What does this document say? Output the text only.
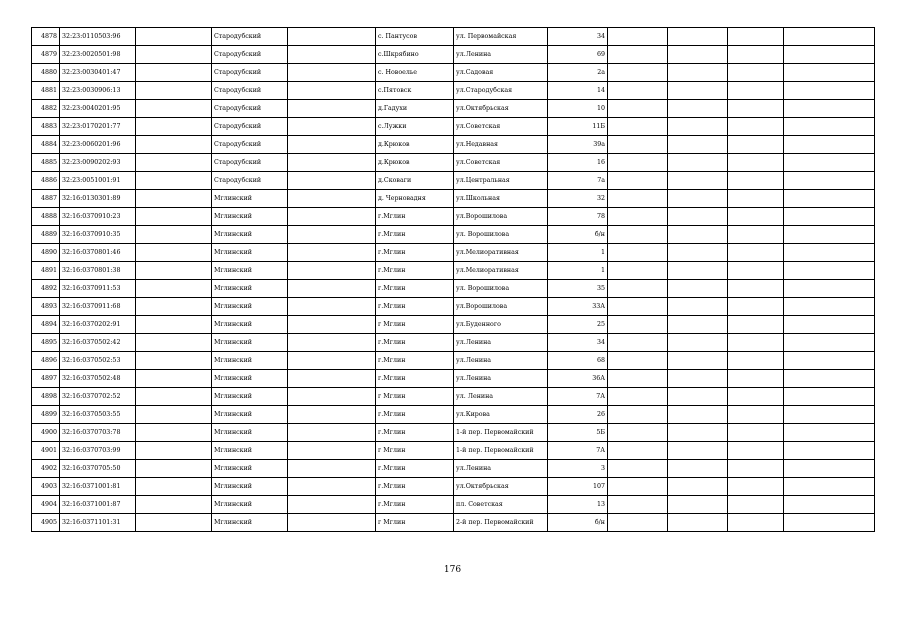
4878	32:23:0110503:96		Стародубский		с. Пантусов	ул. Первомайская	34				
4879	32:23:0020501:98		Стародубский		с.Шкрябино	ул.Ленина	69				
4880	32:23:0030401:47		Стародубский		с. Новоелье	ул.Садовая	2а				
4881	32:23:0030906:13		Стародубский		с.Пятовск	ул.Стародубская	14				
4882	32:23:0040201:95		Стародубский		д.Гадухи	ул.Октябрьская	10				
4883	32:23:0170201:77		Стародубский		с.Лужки	ул.Советская	11Б				
4884	32:23:0060201:96		Стародубский		д.Крюков	ул.Недавная	39а				
4885	32:23:0090202:93		Стародубский		д.Крюков	ул.Советская	16				
4886	32:23:0051001:91		Стародубский		д.Сковаги	ул.Центральная	7а				
4887	32:16:0130301:89		Мглинский		д. Черновадня	ул.Школьная	32				
4888	32:16:0370910:23		Мглинский		г.Мглин	ул.Ворошилова	78				
4889	32:16:0370910:35		Мглинский		г.Мглин	ул. Ворошилова	б/н				
4890	32:16:0370801:46		Мглинский		г.Мглин	ул.Мелиоративная	1				
4891	32:16:0370801:38		Мглинский		г.Мглин	ул.Мелиоративная	1				
4892	32:16:0370911:53		Мглинский		г.Мглин	ул. Ворошилова	35				
4893	32:16:0370911:68		Мглинский		г.Мглин	ул.Ворошилова	33А				
4894	32:16:0370202:91		Мглинский		г Мглин	ул.Буденного	25				
4895	32:16:0370502:42		Мглинский		г.Мглин	ул.Ленина	34				
4896	32:16:0370502:53		Мглинский		г.Мглин	ул.Ленина	68				
4897	32:16:0370502:48		Мглинский		г.Мглин	ул.Ленина	36А				
4898	32:16:0370702:52		Мглинский		г Мглин	ул. Ленина	7А				
4899	32:16:0370503:55		Мглинский		г.Мглин	ул.Кирова	26				
4900	32:16:0370703:78		Мглинский		г.Мглин	1-й пер. Первомайский	5Б				
4901	32:16:0370703:99		Мглинский		г Мглин	1-й пер. Первомайский	7А				
4902	32:16:0370705:50		Мглинский		г.Мглин	ул.Ленина	3				
4903	32:16:0371001:81		Мглинский		г.Мглин	ул.Октябрьская	107				
4904	32:16:0371001:87		Мглинский		г.Мглин	пл. Советская	13				
4905	32:16:0371101:31		Мглинский		г Мглин	2-й пер. Первомайский	б/н				
176
